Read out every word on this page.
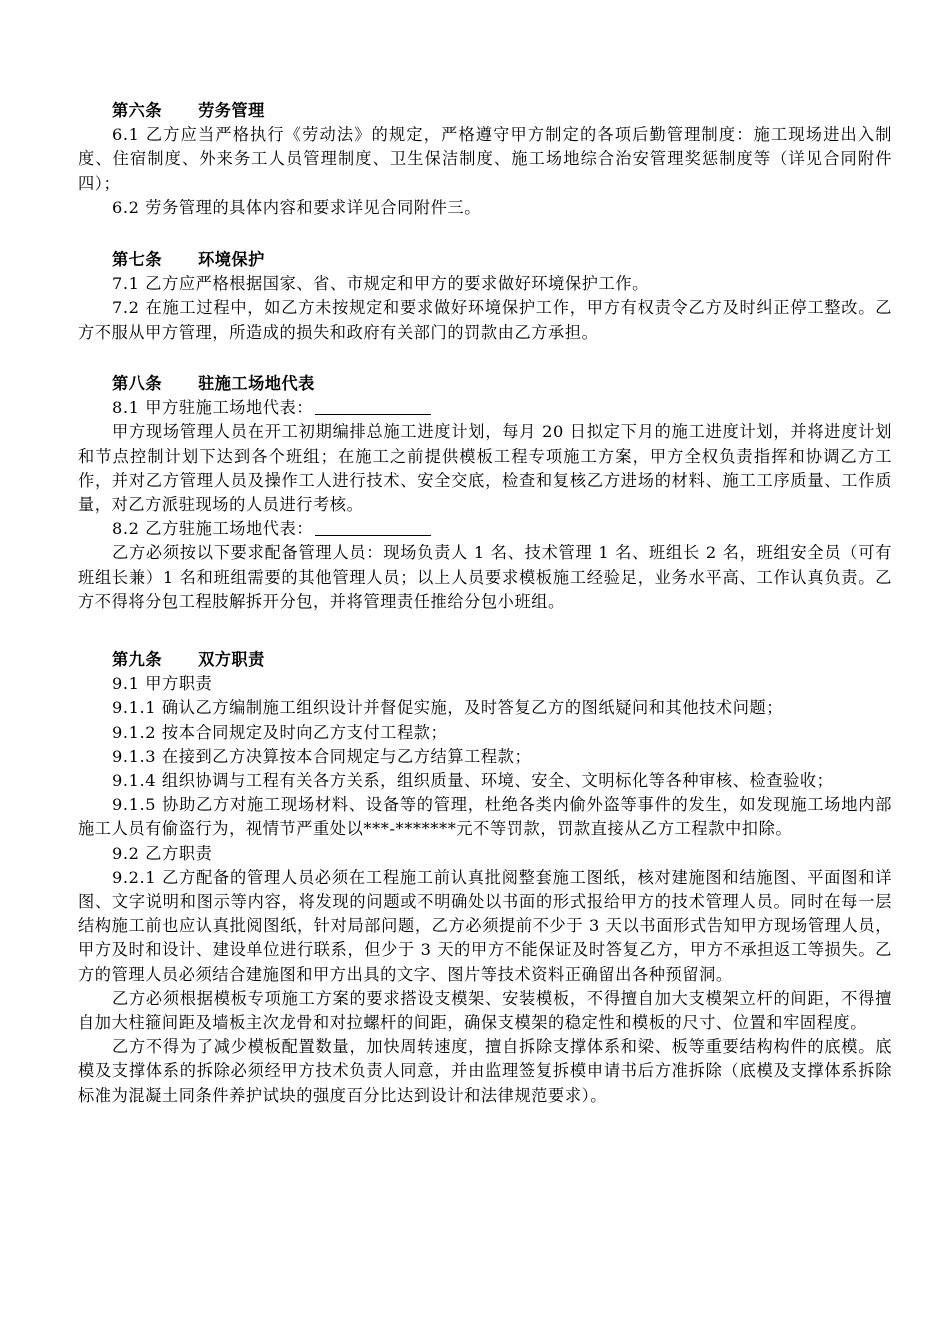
第六条 劳务管理

6.1 乙方应当严格执行《劳动法》的规定，严格遵守甲方制定的各项后勤管理制度：施工现场进出入制度、住宿制度、外来务工人员管理制度、卫生保洁制度、施工场地综合治安管理奖惩制度等（详见合同附件四）；

6.2 劳务管理的具体内容和要求详见合同附件三。

第七条 环境保护

7.1 乙方应严格根据国家、省、市规定和甲方的要求做好环境保护工作。

7.2 在施工过程中，如乙方未按规定和要求做好环境保护工作，甲方有权责令乙方及时纠正停工整改。乙方不服从甲方管理，所造成的损失和政府有关部门的罚款由乙方承担。

第八条 驻施工场地代表

8.1 甲方驻施工场地代表：

甲方现场管理人员在开工初期编排总施工进度计划，每月 20 日拟定下月的施工进度计划，并将进度计划和节点控制计划下达到各个班组；在施工之前提供模板工程专项施工方案，甲方全权负责指挥和协调乙方工作，并对乙方管理人员及操作工人进行技术、安全交底，检查和复核乙方进场的材料、施工工序质量、工作质量，对乙方派驻现场的人员进行考核。

8.2 乙方驻施工场地代表：

乙方必须按以下要求配备管理人员：现场负责人 1 名、技术管理 1 名、班组长 2 名，班组安全员（可有班组长兼）1 名和班组需要的其他管理人员；以上人员要求模板施工经验足，业务水平高、工作认真负责。乙方不得将分包工程肢解拆开分包，并将管理责任推给分包小班组。

第九条 双方职责

9.1 甲方职责

9.1.1 确认乙方编制施工组织设计并督促实施，及时答复乙方的图纸疑问和其他技术问题；

9.1.2 按本合同规定及时向乙方支付工程款；

9.1.3 在接到乙方决算按本合同规定与乙方结算工程款；

9.1.4 组织协调与工程有关各方关系，组织质量、环境、安全、文明标化等各种审核、检查验收；

9.1.5 协助乙方对施工现场材料、设备等的管理，杜绝各类内偷外盗等事件的发生，如发现施工场地内部施工人员有偷盗行为，视情节严重处以***-*******元不等罚款，罚款直接从乙方工程款中扣除。

9.2 乙方职责

9.2.1 乙方配备的管理人员必须在工程施工前认真批阅整套施工图纸，核对建施图和结施图、平面图和详图、文字说明和图示等内容，将发现的问题或不明确处以书面的形式报给甲方的技术管理人员。同时在每一层结构施工前也应认真批阅图纸，针对局部问题，乙方必须提前不少于 3 天以书面形式告知甲方现场管理人员，甲方及时和设计、建设单位进行联系，但少于 3 天的甲方不能保证及时答复乙方，甲方不承担返工等损失。乙方的管理人员必须结合建施图和甲方出具的文字、图片等技术资料正确留出各种预留洞。

乙方必须根据模板专项施工方案的要求搭设支模架、安装模板，不得擅自加大支模架立杆的间距，不得擅自加大柱箍间距及墙板主次龙骨和对拉螺杆的间距，确保支模架的稳定性和模板的尺寸、位置和牢固程度。

乙方不得为了减少模板配置数量，加快周转速度，擅自拆除支撑体系和梁、板等重要结构构件的底模。底模及支撑体系的拆除必须经甲方技术负责人同意，并由监理签复拆模申请书后方准拆除（底模及支撑体系拆除标准为混凝土同条件养护试块的强度百分比达到设计和法律规范要求）。
